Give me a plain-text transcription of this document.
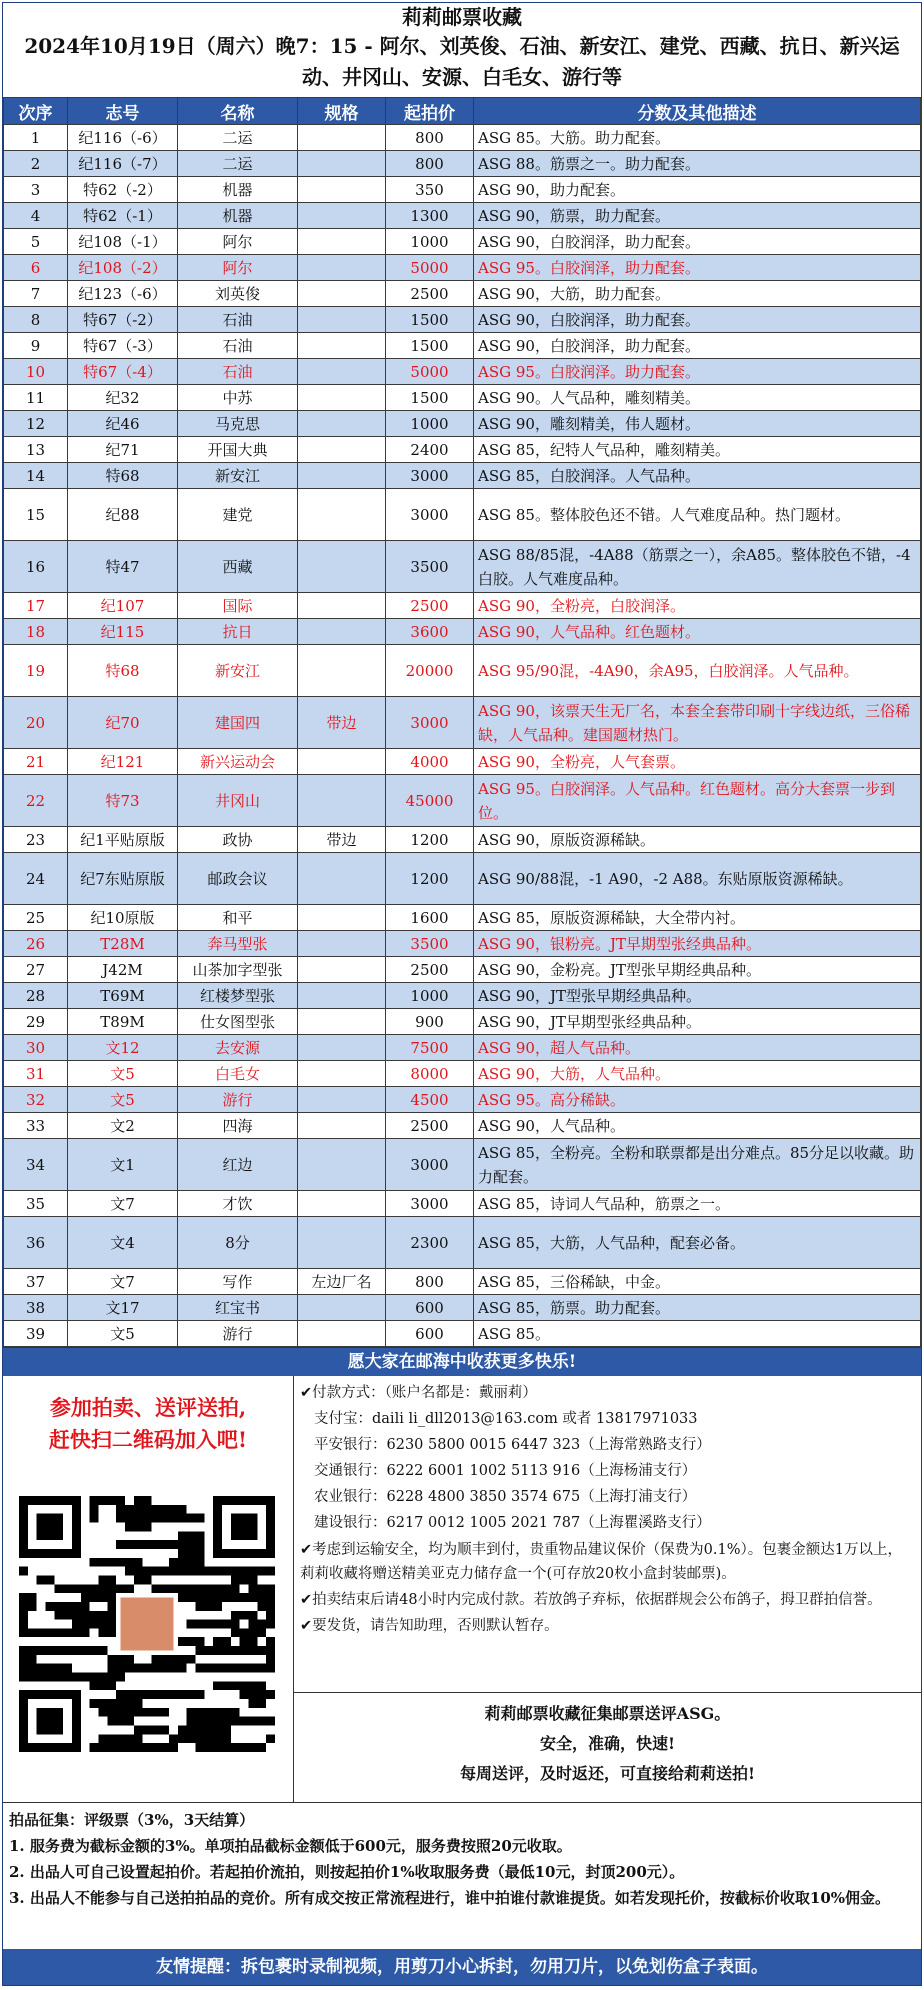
莉莉邮票收藏
2024年10月19日（周六）晚7：15 - 阿尔、刘英俊、石油、新安江、建党、西藏、抗日、新兴运动、井冈山、安源、白毛女、游行等
次序	志号	名称	规格	起拍价	分数及其他描述
1	纪116（-6）	二运		800	ASG 85。大筋。助力配套。
2	纪116（-7）	二运		800	ASG 88。筋票之一。助力配套。
3	特62（-2）	机器		350	ASG 90，助力配套。
4	特62（-1）	机器		1300	ASG 90，筋票，助力配套。
5	纪108（-1）	阿尔		1000	ASG 90，白胶润泽，助力配套。
6	纪108（-2）	阿尔		5000	ASG 95。白胶润泽，助力配套。
7	纪123（-6）	刘英俊		2500	ASG 90，大筋，助力配套。
8	特67（-2）	石油		1500	ASG 90，白胶润泽，助力配套。
9	特67（-3）	石油		1500	ASG 90，白胶润泽，助力配套。
10	特67（-4）	石油		5000	ASG 95。白胶润泽。助力配套。
11	纪32	中苏		1500	ASG 90。人气品种，雕刻精美。
12	纪46	马克思		1000	ASG 90，雕刻精美，伟人题材。
13	纪71	开国大典		2400	ASG 85，纪特人气品种，雕刻精美。
14	特68	新安江		3000	ASG 85，白胶润泽。人气品种。
15	纪88	建党		3000	ASG 85。整体胶色还不错。人气难度品种。热门题材。
16	特47	西藏		3500	ASG 88/85混，-4A88（筋票之一），余A85。整体胶色不错，-4白胶。人气难度品种。
17	纪107	国际		2500	ASG 90，全粉亮，白胶润泽。
18	纪115	抗日		3600	ASG 90，人气品种。红色题材。
19	特68	新安江		20000	ASG 95/90混，-4A90，余A95，白胶润泽。人气品种。
20	纪70	建国四	带边	3000	ASG 90，该票天生无厂名，本套全套带印刷十字线边纸，三俗稀缺，人气品种。建国题材热门。
21	纪121	新兴运动会		4000	ASG 90，全粉亮，人气套票。
22	特73	井冈山		45000	ASG 95。白胶润泽。人气品种。红色题材。高分大套票一步到位。
23	纪1平贴原版	政协	带边	1200	ASG 90，原版资源稀缺。
24	纪7东贴原版	邮政会议		1200	ASG 90/88混，-1 A90，-2 A88。东贴原版资源稀缺。
25	纪10原版	和平		1600	ASG 85，原版资源稀缺，大全带内衬。
26	T28M	奔马型张		3500	ASG 90，银粉亮。JT早期型张经典品种。
27	J42M	山茶加字型张		2500	ASG 90，金粉亮。JT型张早期经典品种。
28	T69M	红楼梦型张		1000	ASG 90，JT型张早期经典品种。
29	T89M	仕女图型张		900	ASG 90，JT早期型张经典品种。
30	文12	去安源		7500	ASG 90，超人气品种。
31	文5	白毛女		8000	ASG 90，大筋，人气品种。
32	文5	游行		4500	ASG 95。高分稀缺。
33	文2	四海		2500	ASG 90，人气品种。
34	文1	红边		3000	ASG 85，全粉亮。全粉和联票都是出分难点。85分足以收藏。助力配套。
35	文7	才饮		3000	ASG 85，诗词人气品种，筋票之一。
36	文4	8分		2300	ASG 85，大筋，人气品种，配套必备。
37	文7	写作	左边厂名	800	ASG 85，三俗稀缺，中金。
38	文17	红宝书		600	ASG 85，筋票。助力配套。
39	文5	游行		600	ASG 85。
愿大家在邮海中收获更多快乐!
参加拍卖、送评送拍,
赶快扫二维码加入吧!
✔付款方式：（账户名都是：戴丽莉）
支付宝：daili li_dll2013@163.com 或者 13817971033
平安银行：6230 5800 0015 6447 323（上海常熟路支行）
交通银行：6222 6001 1002 5113 916（上海杨浦支行）
农业银行：6228 4800 3850 3574 675（上海打浦支行）
建设银行：6217 0012 1005 2021 787（上海瞿溪路支行）
✔考虑到运输安全，均为顺丰到付，贵重物品建议保价（保费为0.1%）。包裹金额达1万以上，莉莉收藏将赠送精美亚克力储存盒一个(可存放20枚小盒封装邮票)。
✔拍卖结束后请48小时内完成付款。若放鸽子弃标，依据群规会公布鸽子，拇卫群拍信誉。
✔要发货，请告知助理，否则默认暂存。
莉莉邮票收藏征集邮票送评ASG。
安全，准确，快速!
每周送评，及时返还，可直接给莉莉送拍!
拍品征集：评级票（3%，3天结算）
1. 服务费为截标金额的3%。单项拍品截标金额低于600元，服务费按照20元收取。
2. 出品人可自己设置起拍价。若起拍价流拍，则按起拍价1%收取服务费（最低10元，封顶200元）。
3. 出品人不能参与自己送拍拍品的竞价。所有成交按正常流程进行，谁中拍谁付款谁提货。如若发现托价，按截标价收取10%佣金。
友情提醒：拆包裹时录制视频，用剪刀小心拆封，勿用刀片，以免划伤盒子表面。
